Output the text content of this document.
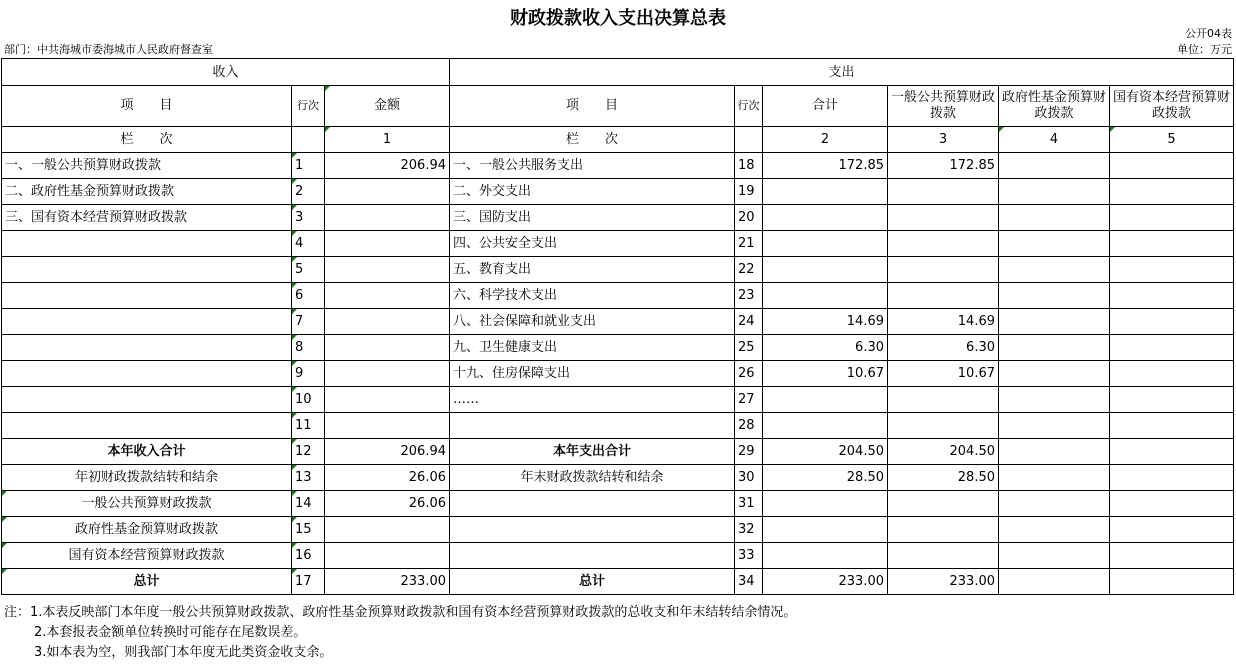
财政拨款收入支出决算总表
公开04表
部门：中共海城市委海城市人民政府督查室	单位：万元
收入			支出					
项　　目	行次	金额	项　　目	行次	合计	一般公共预算财政拨款	政府性基金预算财政拨款	国有资本经营预算财政拨款

栏　　次		1	栏　　次		2	3	4	5
一、一般公共预算财政拨款	1	206.94	一、一般公共服务支出	18	172.85	172.85		
二、政府性基金预算财政拨款	2		二、外交支出	19				
三、国有资本经营预算财政拨款	3		三、国防支出	20				
	4		四、公共安全支出	21				
	5		五、教育支出	22				
	6		六、科学技术支出	23				
	7		八、社会保障和就业支出	24	14.69	14.69		
	8		九、卫生健康支出	25	6.30	6.30		
	9		十九、住房保障支出	26	10.67	10.67		
	10		……	27				
	11			28				
本年收入合计	12	206.94	本年支出合计	29	204.50	204.50		
年初财政拨款结转和结余	13	26.06	年末财政拨款结转和结余	30	28.50	28.50		
一般公共预算财政拨款	14	26.06		31				
政府性基金预算财政拨款	15			32				
国有资本经营预算财政拨款	16			33				
总计	17	233.00	总计	34	233.00	233.00		
注：1.本表反映部门本年度一般公共预算财政拨款、政府性基金预算财政拨款和国有资本经营预算财政拨款的总收支和年末结转结余情况。
2.本套报表金额单位转换时可能存在尾数误差。
3.如本表为空，则我部门本年度无此类资金收支余。
